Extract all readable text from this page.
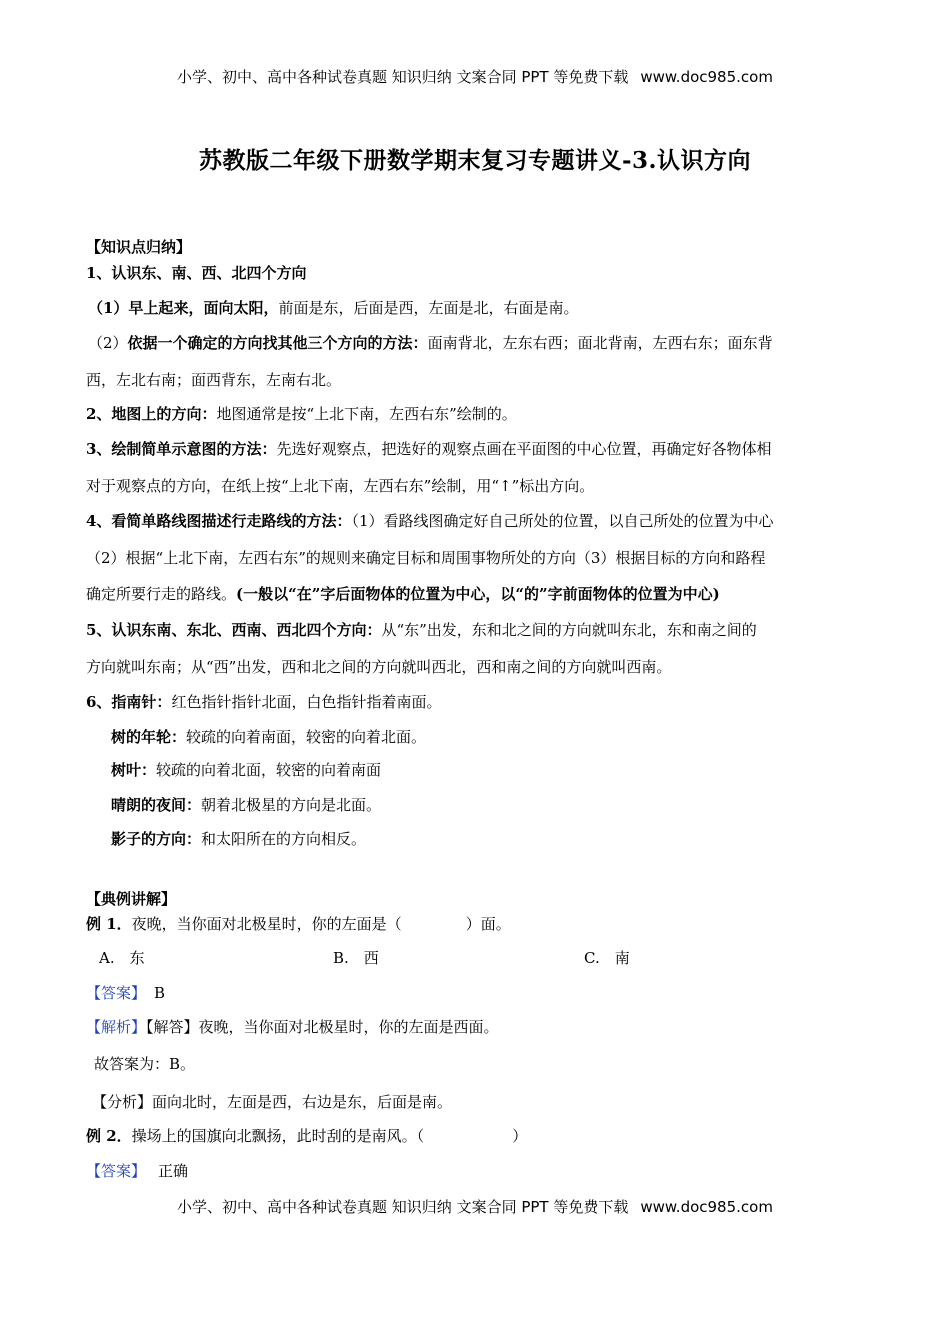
小学、初中、高中各种试卷真题 知识归纳 文案合同 PPT 等免费下载 www.doc985.com
苏教版二年级下册数学期末复习专题讲义-3.认识方向
【知识点归纳】
1、认识东、南、西、北四个方向
（1）早上起来，面向太阳，前面是东，后面是西，左面是北，右面是南。
（2）依据一个确定的方向找其他三个方向的方法：面南背北，左东右西；面北背南，左西右东；面东背
西，左北右南；面西背东，左南右北。
2、地图上的方向：地图通常是按“上北下南，左西右东”绘制的。
3、绘制简单示意图的方法：先选好观察点，把选好的观察点画在平面图的中心位置，再确定好各物体相
对于观察点的方向，在纸上按“上北下南，左西右东”绘制，用“↑”标出方向。
4、看简单路线图描述行走路线的方法：（1）看路线图确定好自己所处的位置，以自己所处的位置为中心
（2）根据“上北下南，左西右东”的规则来确定目标和周围事物所处的方向（3）根据目标的方向和路程
确定所要行走的路线。(一般以“在”字后面物体的位置为中心，以“的”字前面物体的位置为中心)
5、认识东南、东北、西南、西北四个方向：从“东”出发，东和北之间的方向就叫东北，东和南之间的
方向就叫东南；从“西”出发，西和北之间的方向就叫西北，西和南之间的方向就叫西南。
6、指南针：红色指针指针北面，白色指针指着南面。
树的年轮：较疏的向着南面，较密的向着北面。
树叶：较疏的向着北面，较密的向着南面
晴朗的夜间：朝着北极星的方向是北面。
影子的方向：和太阳所在的方向相反。
【典例讲解】
例 1．夜晚，当你面对北极星时，你的左面是（	）面。
A.　东	B.　西	C.　南
【答案】 B
【解析】【解答】夜晚，当你面对北极星时，你的左面是西面。
故答案为：B。
【分析】面向北时，左面是西，右边是东，后面是南。
例 2．操场上的国旗向北飘扬，此时刮的是南风。（	）
【答案】 正确
小学、初中、高中各种试卷真题 知识归纳 文案合同 PPT 等免费下载 www.doc985.com
